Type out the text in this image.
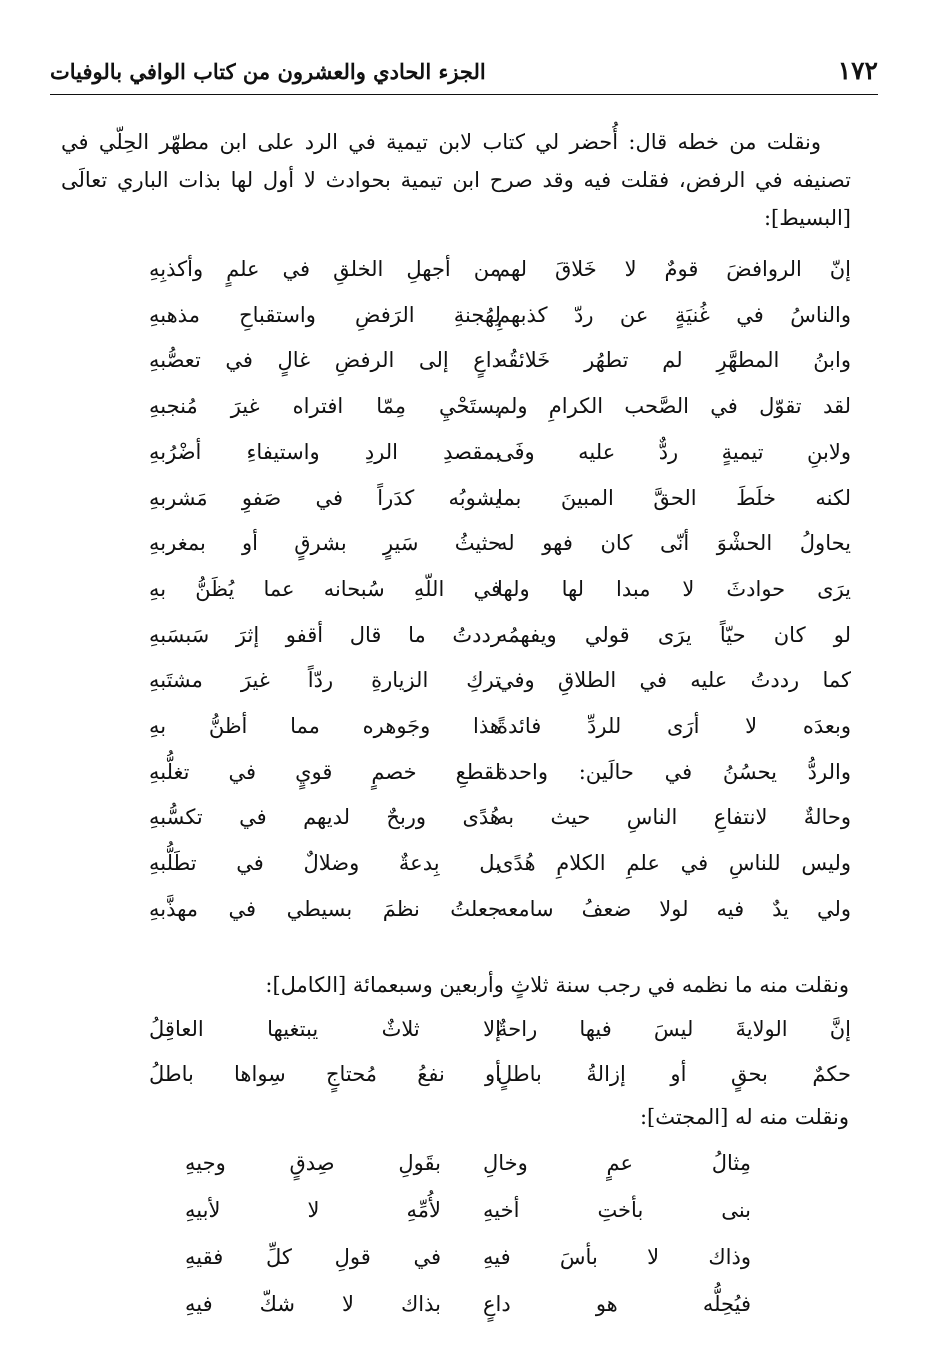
١٧٢
الجزء الحادي والعشرون من كتاب الوافي بالوفيات
ونقلت من خطه قال: أُحضر لي كتاب لابن تيمية في الرد على ابن مطهّر الحِلّي في تصنيفه في الرفض، فقلت فيه وقد صرح ابن تيمية بحوادث لا أول لها بذات الباري تعالَى [البسيط]:
إنّ الروافضَ قومٌ لا خَلاقَ لهم
من أجهلِ الخلقِ في علمٍ وأكذبِهِ
والناسُ في غُنيَةٍ عن ردّ كذبهمِ
لِهُجنةِ الرَفضِ واستقباحِ مذهبهِ
وابنُ المطهَّرِ لم تطهُر خَلائقُه
داعٍ إلى الرفضِ غالٍ في تعصُّبهِ
لقد تقوّل في الصَّحب الكرامِ ولم
يستَحْيِ مِمّا افتراه غيرَ مُنجبهِ
ولابنِ تيميةٍ ردٌّ عليه وفَى
بمقصدِ الردِ واستيفاءِ أضْرُبهِ
لكنه خلَطَ الحقَّ المبينَ بما
يشوبُه كدَراً في صَفوِ مَشربهِ
يحاولُ الحشْوَ أنّى كان فهو له
حثيثُ سَيرٍ بشرقٍ أو بمغربهِ
يرَى حوادثَ لا مبدا لها ولها
في اللّهِ سُبحانه عما يُظَنُّ بهِ
لو كان حيّاً يرَى قولي ويفهمُه
رددتُ ما قال أقفو إثرَ سَبسَبهِ
كما رددتُ عليه في الطلاقِ وفي
تركِ الزيارةِ ردّاً غيرَ مشتَبهِ
وبعدَه لا أرَى للردِّ فائدةً
هذا وجَوهره مما أظنُّ بهِ
والردُّ يحسُنُ في حالَين: واحدة
لقطعِ خصمٍ قويٍ في تغلُّبهِ
وحالةٌ لانتفاعِ الناسِ حيث به
هُدًى وربحٌ لديهم في تكسُّبهِ
وليس للناسِ في علمِ الكلامِ هُدًى
بل بِدعةٌ وضلالٌ في تطَلُّبهِ
ولي يدٌ فيه لولا ضعفُ سامعه
جعلتُ نظمَ بسيطي في مهذَّبهِ
ونقلت منه ما نظمه في رجب سنة ثلاثٍ وأربعين وسبعمائة [الكامل]:
إنَّ الولايةَ ليسَ فيها راحةٌ
إلا ثلاثٌ يبتغيها العاقِلُ
حكمٌ بحقٍ أو إزالةُ باطلٍ
أو نفعُ مُحتاجٍ سِواها باطلُ
ونقلت منه له [المجتث]:
مِثالُ عمٍ وخالِ
بقَولِ صِدقٍ وجيهِ
بنى بأختِ أخيهِ
لأُمِّهِ لا لأبيهِ
وذاك لا بأسَ فيهِ
في قولِ كلِّ فقيهِ
فيُحِلُّه هو داعٍ
بذاك لا شكّ فيهِ
